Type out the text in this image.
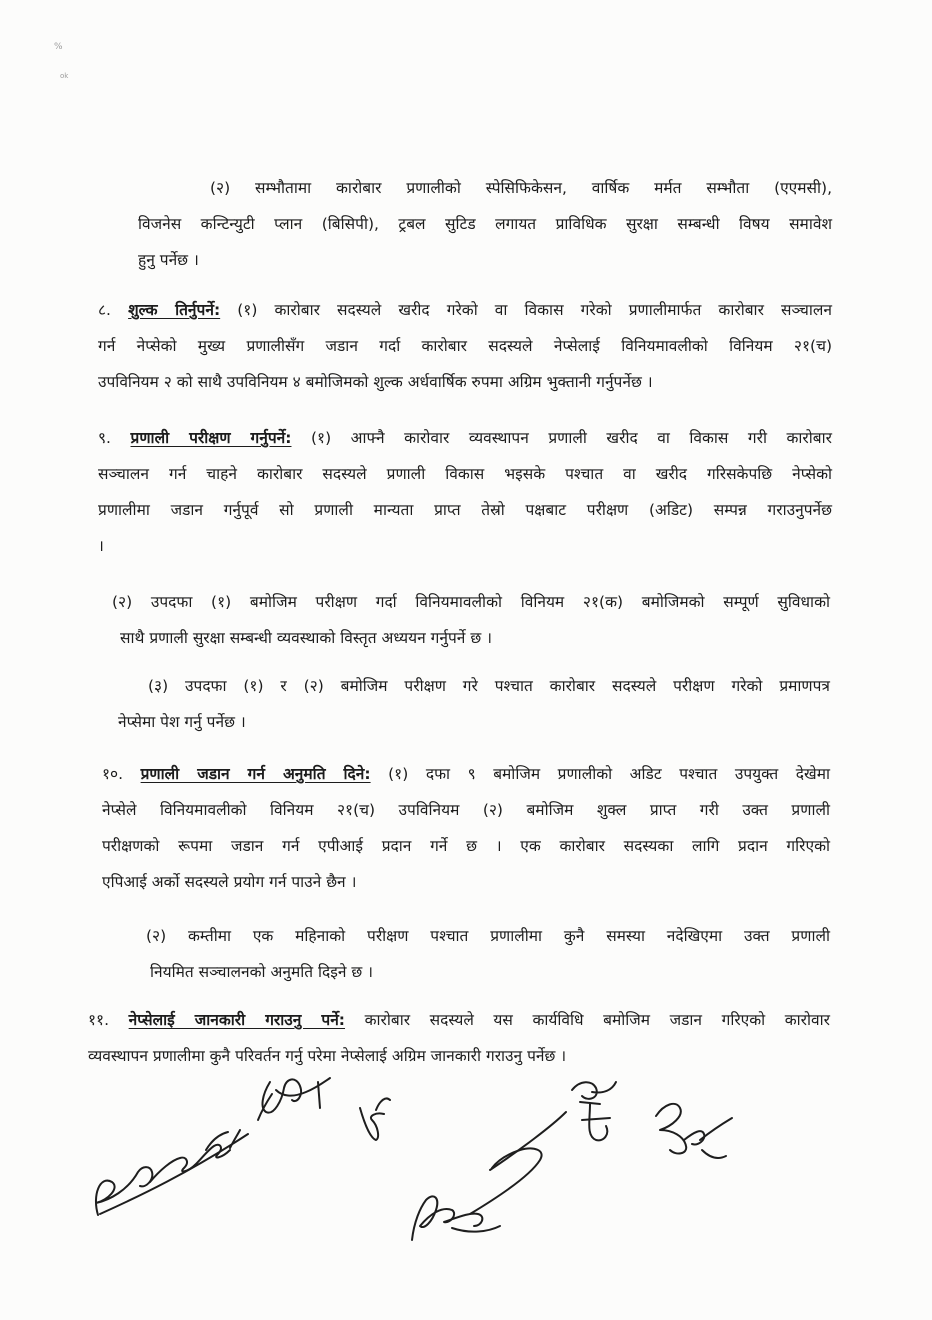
%
ok
(२) सम्भौतामा कारोबार प्रणालीको स्पेसिफिकेसन, वार्षिक मर्मत सम्भौता (एएमसी),
विजनेस कन्टिन्युटी प्लान (बिसिपी), ट्रबल सुटिड लगायत प्राविधिक सुरक्षा सम्बन्धी विषय समावेश
हुनु पर्नेछ ।
८. शुल्क तिर्नुपर्ने: (१) कारोबार सदस्यले खरीद गरेको वा विकास गरेको प्रणालीमार्फत कारोबार सञ्चालन
गर्न नेप्सेको मुख्य प्रणालीसँग जडान गर्दा कारोबार सदस्यले नेप्सेलाई विनियमावलीको विनियम २१(च)
उपविनियम २ को साथै उपविनियम ४ बमोजिमको शुल्क अर्धवार्षिक रुपमा अग्रिम भुक्तानी गर्नुपर्नेछ ।
९. प्रणाली परीक्षण गर्नुपर्ने: (१) आफ्नै कारोवार व्यवस्थापन प्रणाली खरीद वा विकास गरी कारोबार
सञ्चालन गर्न चाहने कारोबार सदस्यले प्रणाली विकास भइसके पश्चात वा खरीद गरिसकेपछि नेप्सेको
प्रणालीमा जडान गर्नुपूर्व सो प्रणाली मान्यता प्राप्त तेस्रो पक्षबाट परीक्षण (अडिट) सम्पन्न गराउनुपर्नेछ
।
(२) उपदफा (१) बमोजिम परीक्षण गर्दा विनियमावलीको विनियम २१(क) बमोजिमको सम्पूर्ण सुविधाको
साथै प्रणाली सुरक्षा सम्बन्धी व्यवस्थाको विस्तृत अध्ययन गर्नुपर्ने छ ।
(३) उपदफा (१) र (२) बमोजिम परीक्षण गरे पश्चात कारोबार सदस्यले परीक्षण गरेको प्रमाणपत्र
नेप्सेमा पेश गर्नु पर्नेछ ।
१०. प्रणाली जडान गर्न अनुमति दिने: (१) दफा ९ बमोजिम प्रणालीको अडिट पश्चात उपयुक्त देखेमा
नेप्सेले विनियमावलीको विनियम २१(च) उपविनियम (२) बमोजिम शुक्ल प्राप्त गरी उक्त प्रणाली
परीक्षणको रूपमा जडान गर्न एपीआई प्रदान गर्ने छ । एक कारोबार सदस्यका लागि प्रदान गरिएको
एपिआई अर्को सदस्यले प्रयोग गर्न पाउने छैन ।
(२) कम्तीमा एक महिनाको परीक्षण पश्चात प्रणालीमा कुनै समस्या नदेखिएमा उक्त प्रणाली
नियमित सञ्चालनको अनुमति दिइने छ ।
११. नेप्सेलाई जानकारी गराउनु पर्ने: कारोबार सदस्यले यस कार्यविधि बमोजिम जडान गरिएको कारोवार
व्यवस्थापन प्रणालीमा कुनै परिवर्तन गर्नु परेमा नेप्सेलाई अग्रिम जानकारी गराउनु पर्नेछ ।
